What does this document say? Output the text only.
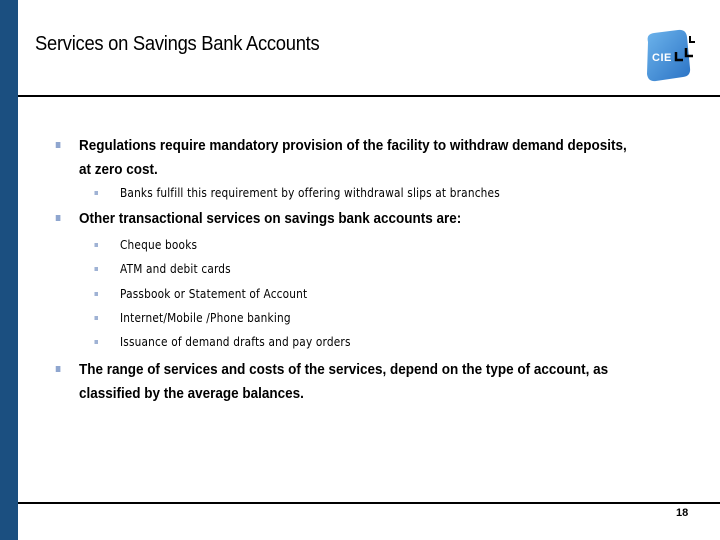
Services on Savings Bank Accounts
CIE
Regulations require mandatory provision of the facility to withdraw demand deposits, at zero cost.
Banks fulfill this requirement by offering withdrawal slips at branches
Other transactional services on savings bank accounts are:
Cheque books
ATM and debit cards
Passbook or Statement of Account
Internet/Mobile /Phone banking
Issuance of demand drafts and pay orders
The range of services and costs of the services, depend on the type of account, as classified by the average balances.
18
